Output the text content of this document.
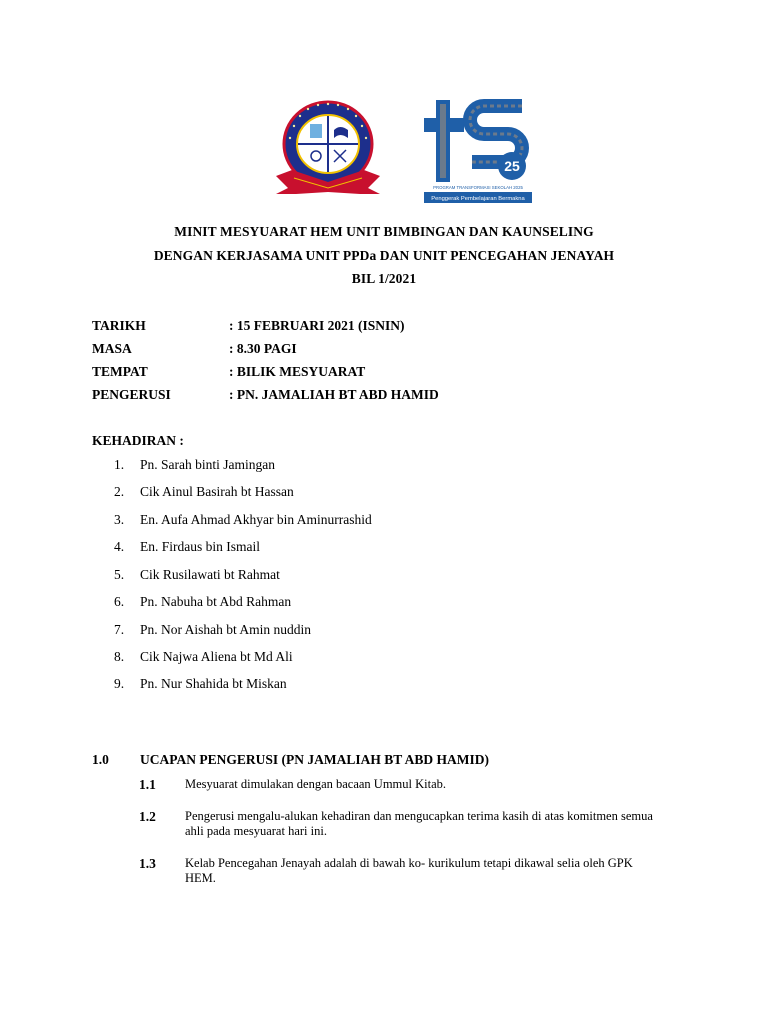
25
PROGRAM TRANSFORMASI SEKOLAH 2025
Penggerak Pembelajaran Bermakna
MINIT MESYUARAT HEM UNIT BIMBINGAN DAN KAUNSELING
DENGAN KERJASAMA UNIT PPDa DAN UNIT PENCEGAHAN JENAYAH
BIL 1/2021
TARIKH	: 15 FEBRUARI 2021 (ISNIN)
MASA	: 8.30 PAGI
TEMPAT	: BILIK MESYUARAT
PENGERUSI	: PN. JAMALIAH BT ABD HAMID
KEHADIRAN :
1. Pn. Sarah binti Jamingan
2. Cik Ainul Basirah bt Hassan
3. En. Aufa Ahmad Akhyar bin Aminurrashid
4. En. Firdaus bin Ismail
5. Cik Rusilawati bt Rahmat
6. Pn. Nabuha bt Abd Rahman
7. Pn. Nor Aishah bt Amin nuddin
8. Cik Najwa Aliena bt Md Ali
9. Pn. Nur Shahida bt Miskan
1.0 UCAPAN PENGERUSI (PN JAMALIAH BT ABD HAMID)
1.1 Mesyuarat dimulakan dengan bacaan Ummul Kitab.
1.2 Pengerusi mengalu-alukan kehadiran dan mengucapkan terima kasih di atas komitmen semua ahli pada mesyuarat hari ini.
1.3 Kelab Pencegahan Jenayah adalah di bawah ko- kurikulum tetapi dikawal selia oleh GPK HEM.
